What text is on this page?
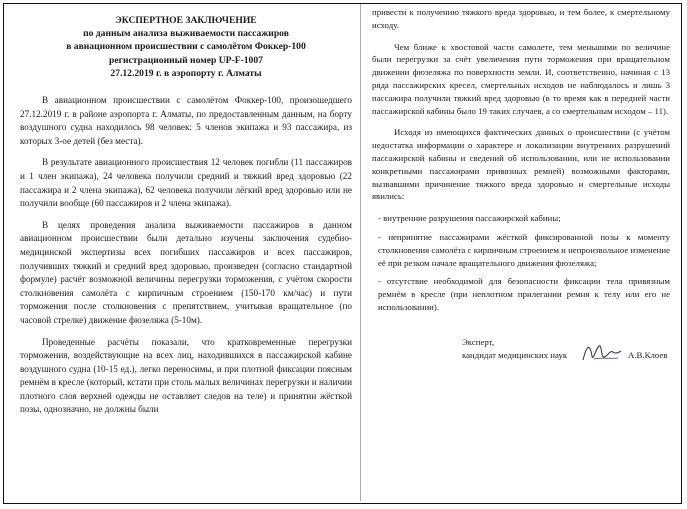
ЭКСПЕРТНОЕ ЗАКЛЮЧЕНИЕ
по данным анализа выживаемости пассажиров
в авиационном происшествии с самолётом Фоккер-100
регистрационный номер UP-F-1007
27.12.2019 г. в аэропорту г. Алматы

В авиационном происшествии с самолётом Фоккер-100, произошедшего 27.12.2019 г. в районе аэропорта г. Алматы, по предоставленным данным, на борту воздушного судна находилось 98 человек: 5 членов экипажа и 93 пассажира, из которых 3-ое детей (без места).

В результате авиационного происшествия 12 человек погибли (11 пассажиров и 1 член экипажа), 24 человека получили средний и тяжкий вред здоровью (22 пассажира и 2 члена экипажа), 62 человека получили лёгкий вред здоровью или не получили вообще (60 пассажиров и 2 члена экипажа).

В целях проведения анализа выживаемости пассажиров в данном авиационном происшествии были детально изучены заключения судебно-медицинской экспертизы всех погибших пассажиров и всех пассажиров, получивших тяжкий и средний вред здоровью, произведен (согласно стандартной формуле) расчёт возможной величины перегрузки торможения, с учётом скорости столкновения самолёта с кирпичным строением (150-170 км/час) и пути торможения после столкновения с препятствием, учитывая вращательное (по часовой стрелке) движение фюзеляжа (5-10м).

Проведенные расчёты показали, что кратковременные перегрузки торможения, воздействующие на всех лиц, находившихся в пассажирской кабине воздушного судна (10-15 ед.), легко переносимы, и при плотной фиксации поясным ремнём в кресле (который, кстати при столь малых величинах перегрузки и наличии плотного слоя верхней одежды не оставляет следов на теле) и принятии жёсткой позы, однозначно, не должны были

привести к получению тяжкого вреда здоровью, и тем более, к смертельному исходу.

Чем ближе к хвостовой части самолете, тем меньшими по величине были перегрузки за счёт увеличения пути торможения при вращательном движении фюзеляжа по поверхности земли. И, соответственно, начиная с 13 ряда пассажирских кресел, смертельных исходов не наблюдалось и лишь 3 пассажира получили тяжкий вред здоровью (в то время как в передней части пассажирской кабины было 19 таких случаев, а со смертельным исходом – 11).

Исходя из имеющихся фактических данных о происшествии (с учётом недостатка информации о характере и локализации внутренних разрушений пассажирской кабины и сведений об использовании, или не использовании конкретными пассажирами привязных ремней) возможными факторами, вызвавшими причинение тяжкого вреда здоровью и смертельные исходы явились:

- внутренние разрушения пассажирской кабины;
- непринятие пассажирами жёсткой фиксированной позы к моменту столкновения самолёта с кирпичным строением и непроизвольное изменение её при резком начале вращательного движения фюзеляжа;
- отсутствие необходимой для безопасности фиксации тела привязным ремнём в кресле (при неплотном прилегании ремня к телу или его не использовании).
Эксперт,
кандидат медицинских наук	А.В.Клоев
